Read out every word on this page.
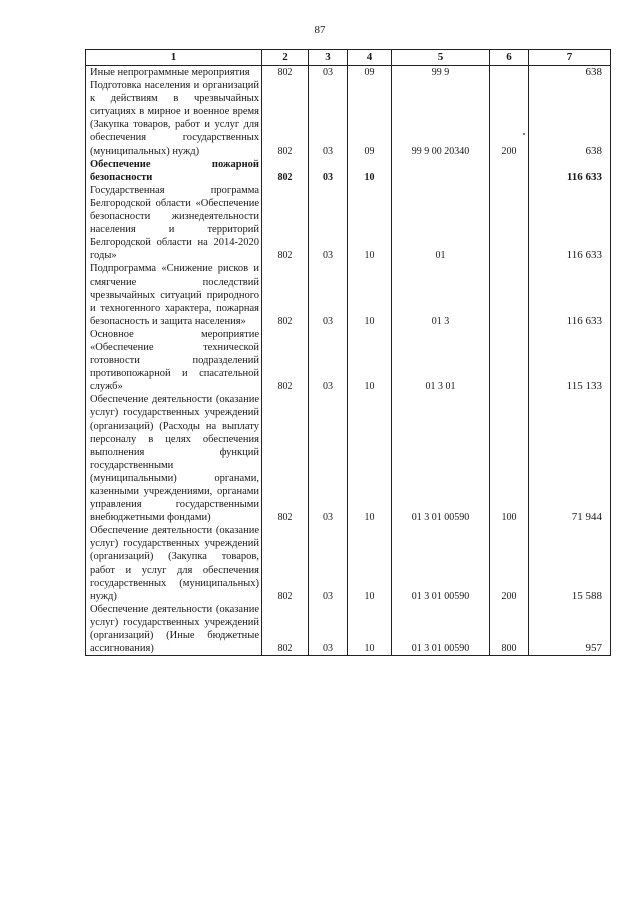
87
1	2	3	4	5	6	7
Иные непрограммные мероприятия	802	03	09	99 9		638
Подготовка населения и организаций к действиям в чрезвычайных ситуациях в мирное и военное время (Закупка товаров, работ и услуг для обеспечения государственных (муниципальных) нужд)	802	03	09	99 9 00 20340	200	638
Обеспечение пожарной безопасности	802	03	10			116 633
Государственная программа Белгородской области «Обеспечение безопасности жизнедеятельности населения и территорий Белгородской области на 2014-2020 годы»	802	03	10	01		116 633
Подпрограмма «Снижение рисков и смягчение последствий чрезвычайных ситуаций природного и техногенного характера, пожарная безопасность и защита населения»	802	03	10	01 3		116 633
Основное мероприятие «Обеспечение технической готовности подразделений противопожарной и спасательной служб»	802	03	10	01 3 01		115 133
Обеспечение деятельности (оказание услуг) государственных учреждений (организаций) (Расходы на выплату персоналу в целях обеспечения выполнения функций государственными (муниципальными) органами, казенными учреждениями, органами управления государственными внебюджетными фондами)	802	03	10	01 3 01 00590	100	71 944
Обеспечение деятельности (оказание услуг) государственных учреждений (организаций) (Закупка товаров, работ и услуг для обеспечения государственных (муниципальных) нужд)	802	03	10	01 3 01 00590	200	15 588
Обеспечение деятельности (оказание услуг) государственных учреждений (организаций) (Иные бюджетные ассигнования)	802	03	10	01 3 01 00590	800	957
